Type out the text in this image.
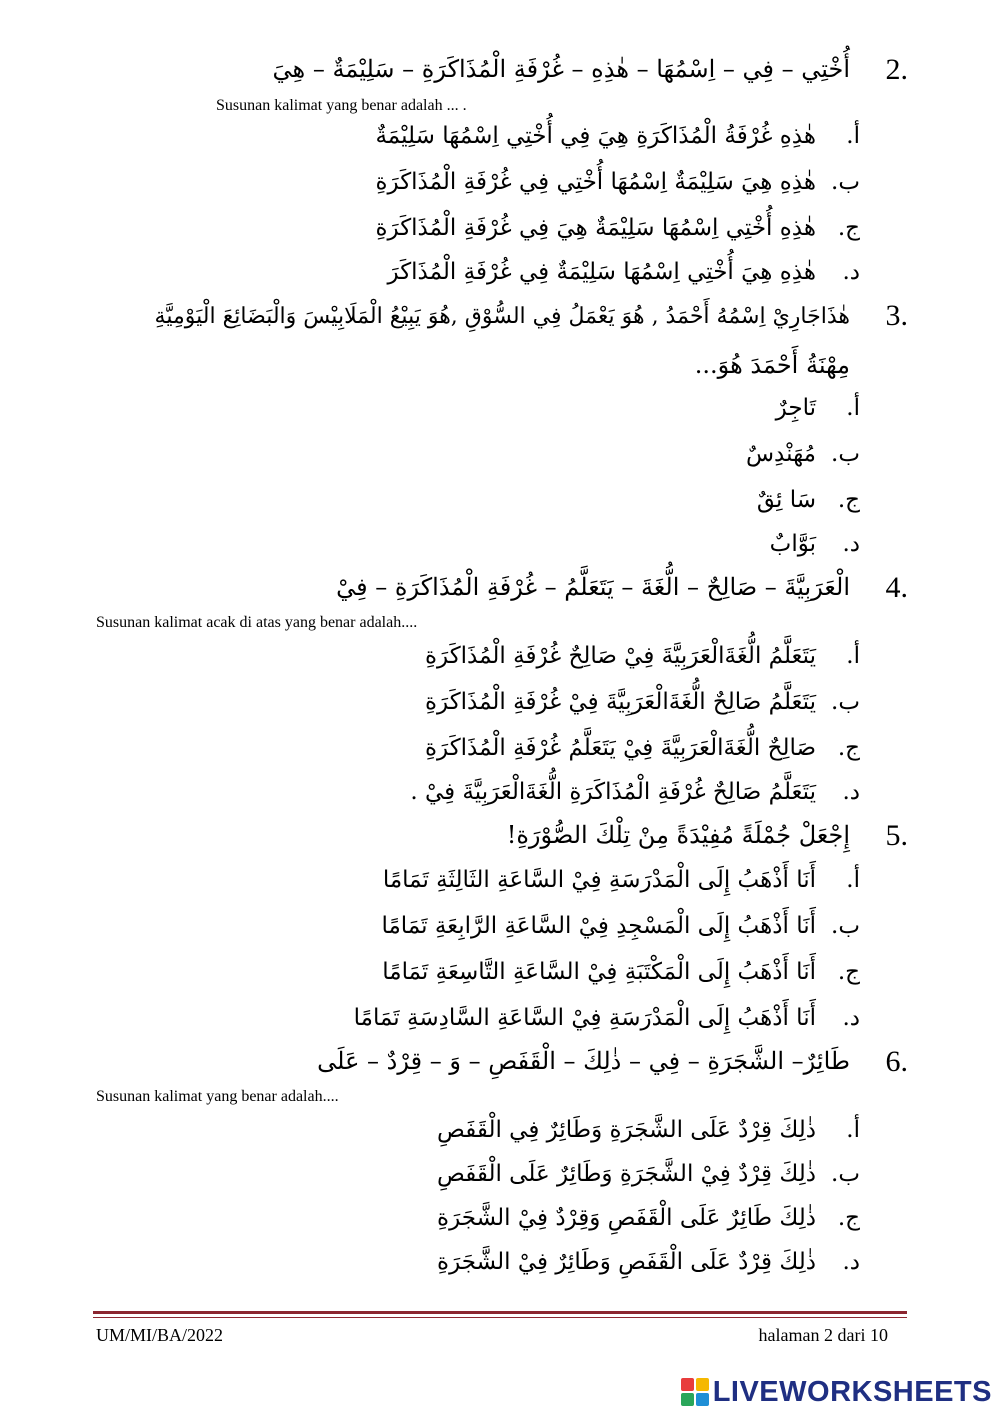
2.
أُخْتِي – فِي – اِسْمُهَا – هٰذِهِ – غُرْفَةِ الْمُذَاكَرَةِ – سَلِيْمَةٌ – هِيَ
Susunan kalimat yang benar adalah ... .
أ.هٰذِهِ غُرْفَةُ الْمُذَاكَرَةِ هِيَ فِي أُخْتِي اِسْمُهَا سَلِيْمَةٌ
ب.هٰذِهِ هِيَ سَلِيْمَةٌ اِسْمُهَا أُخْتِي فِي غُرْفَةِ الْمُذَاكَرَةِ
ج.هٰذِهِ أُخْتِي اِسْمُهَا سَلِيْمَةٌ هِيَ فِي غُرْفَةِ الْمُذَاكَرَةِ
د.هٰذِهِ هِيَ أُخْتِي اِسْمُهَا سَلِيْمَةٌ فِي غُرْفَةِ الْمُذَاكَرَ
3.
هٰذَاجَارِيْ اِسْمُهُ أَحْمَدُ , هُوَ يَعْمَلُ فِي السُّوْقِ ,هُوَ يَبِيْعُ الْمَلَابِيْسَ وَالْبَضَائِعَ الْيَوْمِيَّةِ
مِهْنَةُ أَحْمَدَ هُوَ...
أ.تَاجِرٌ
ب.مُهَنْدِسٌ
ج.سَا ئِقٌ
د.بَوَّابٌ
4.
الْعَرَبِيَّةَ – صَالِحٌ – الُّغَةَ – يَتَعَلَّمُ – غُرْفَةِ الْمُذَاكَرَةِ – فِيْ
Susunan kalimat acak di atas yang benar adalah....
أ.يَتَعَلَّمُ الُّغَةَالْعَرَبِيَّةَ فِيْ صَالِحٌ غُرْفَةِ الْمُذَاكَرَةِ
ب.يَتَعَلَّمُ صَالِحٌ الُّغَةَالْعَرَبِيَّةَ فِيْ غُرْفَةِ الْمُذَاكَرَةِ
ج.صَالِحٌ الُّغَةَالْعَرَبِيَّةَ فِيْ يَتَعَلَّمُ غُرْفَةِ الْمُذَاكَرَةِ
د.يَتَعَلَّمُ صَالِحٌ غُرْفَةِ الْمُذَاكَرَةِ الُّغَةَالْعَرَبِيَّةَ فِيْ .
5.
إِجْعَلْ جُمْلَةً مُفِيْدَةً مِنْ تِلْكَ الصُّوْرَةِ!
أ.أَنَا أَذْهَبُ إِلَى الْمَدْرَسَةِ فِيْ السَّاعَةِ الثَالِثَةِ تَمَامًا
ب.أَنَا أَذْهَبُ إِلَى الْمَسْجِدِ فِيْ السَّاعَةِ الرَّابِعَةِ تَمَامًا
ج.أَنَا أَذْهَبُ إِلَى الْمَكْتَبَةِ فِيْ السَّاعَةِ التَّاسِعَةِ تَمَامًا
د.أَنَا أَذْهَبُ إِلَى الْمَدْرَسَةِ فِيْ السَّاعَةِ السَّادِسَةِ تَمَامًا
6.
طَائِرٌ– الشَّجَرَةِ – فِي – ذٰلِكَ – الْقَفَصِ – وَ – قِرْدٌ – عَلَى
Susunan kalimat yang benar adalah....
أ.ذٰلِكَ قِرْدٌ عَلَى الشَّجَرَةِ وَطَائِرٌ فِي الْقَفَصِ
ب.ذٰلِكَ قِرْدٌ فِيْ الشَّجَرَةِ وَطَائِرٌ عَلَى الْقَفَصِ
ج.ذٰلِكَ طَائِرٌ عَلَى الْقَفَصِ وَقِرْدٌ فِيْ الشَّجَرَةِ
د.ذٰلِكَ قِرْدٌ عَلَى الْقَفَصِ وَطَائِرٌ فِيْ الشَّجَرَةِ
UM/MI/BA/2022	halaman 2 dari 10
LIVEWORKSHEETS
